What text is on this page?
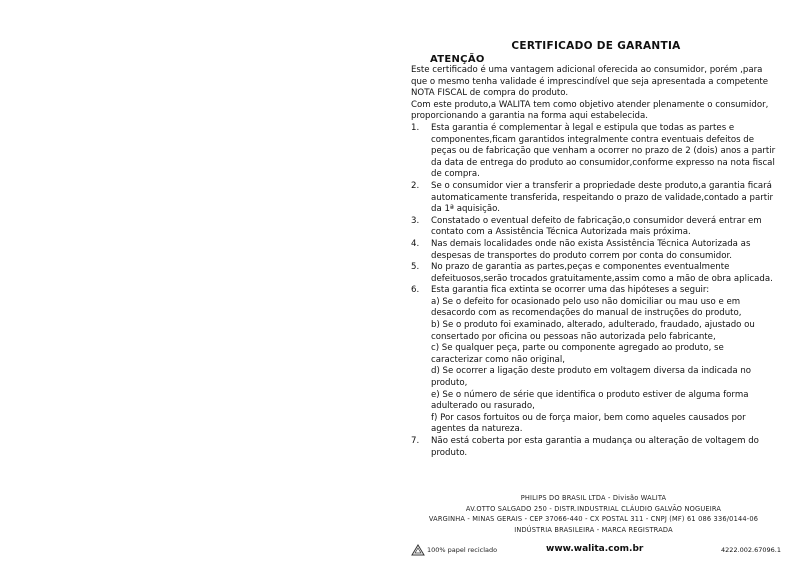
CERTIFICADO DE GARANTIA
ATENÇÃO

Este certificado é uma vantagem adicional oferecida ao consumidor, porém ,para que o mesmo tenha validade é imprescindível que seja apresentada a competente NOTA FISCAL de compra do produto.

Com este produto,a WALITA tem como objetivo atender plenamente o consumidor, proporcionando a garantia na forma aqui estabelecida.

1. Esta garantia é complementar à legal e estipula que todas as partes e componentes,ficam garantidos integralmente contra eventuais defeitos de peças ou de fabricação que venham a ocorrer no prazo de 2 (dois) anos a partir da data de entrega do produto ao consumidor,conforme expresso na nota fiscal de compra.
2. Se o consumidor vier a transferir a propriedade deste produto,a garantia ficará automaticamente transferida, respeitando o prazo de validade,contado a partir da 1ª aquisição.
3. Constatado o eventual defeito de fabricação,o consumidor deverá entrar em contato com a Assistência Técnica Autorizada mais próxima.
4. Nas demais localidades onde não exista Assistência Técnica Autorizada as despesas de transportes do produto correm por conta do consumidor.
5. No prazo de garantia as partes,peças e componentes eventualmente defeituosos,serão trocados gratuitamente,assim como a mão de obra aplicada.
6. Esta garantia fica extinta se ocorrer uma das hipóteses a seguir:
a) Se o defeito for ocasionado pelo uso não domiciliar ou mau uso e em desacordo com as recomendações do manual de instruções do produto,
b) Se o produto foi examinado, alterado, adulterado, fraudado, ajustado ou consertado por oficina ou pessoas não autorizada pelo fabricante,
c) Se qualquer peça, parte ou componente agregado ao produto, se caracterizar como não original,
d) Se ocorrer a ligação deste produto em voltagem diversa da indicada no produto,
e) Se o número de série que identifica o produto estiver de alguma forma adulterado ou rasurado,
f) Por casos fortuitos ou de força maior, bem como aqueles causados por agentes da natureza.
7. Não está coberta por esta garantia a mudança ou alteração de voltagem do produto.
PHILIPS DO BRASIL LTDA - Divisão WALITA
AV.OTTO SALGADO 250 - DISTR.INDUSTRIAL CLÁUDIO GALVÃO NOGUEIRA
VARGINHA - MINAS GERAIS - CEP 37066-440 - CX POSTAL 311 - CNPJ (MF) 61 086 336/0144-06
INDÚSTRIA BRASILEIRA - MARCA REGISTRADA
100% papel reciclado	www.walita.com.br	4222.002.67096.1
